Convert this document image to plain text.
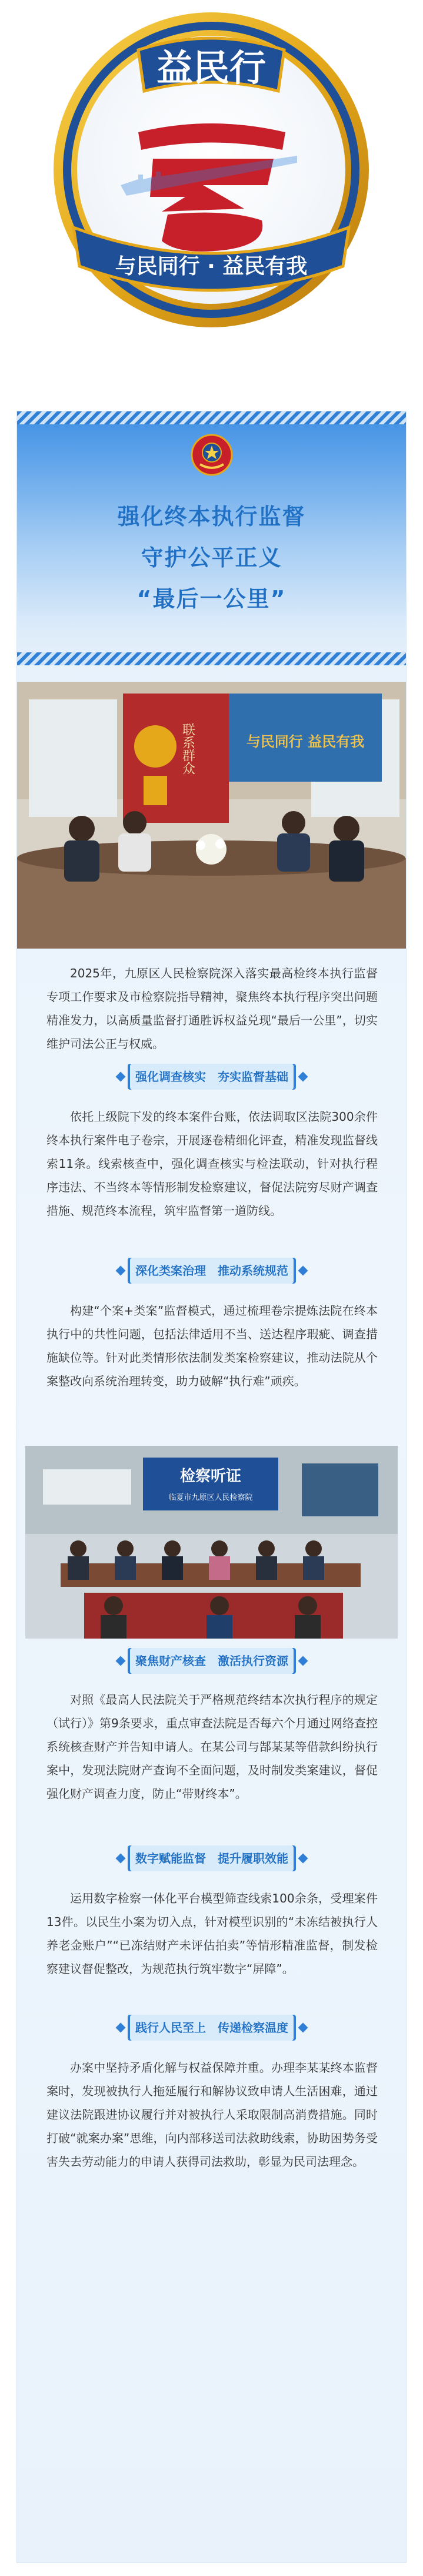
益民行
与民同行 · 益民有我
强化终本执行监督
守护公平正义
“最后一公里”
联系群众	与民同行 益民有我

2025年，九原区人民检察院深入落实最高检终本执行监督专项工作要求及市检察院指导精神，聚焦终本执行程序突出问题精准发力，以高质量监督打通胜诉权益兑现“最后一公里”，切实维护司法公正与权威。

强化调查核实　夯实监督基础

依托上级院下发的终本案件台账，依法调取区法院300余件终本执行案件电子卷宗，开展逐卷精细化评查，精准发现监督线索11条。线索核查中，强化调查核实与检法联动，针对执行程序违法、不当终本等情形制发检察建议，督促法院穷尽财产调查措施、规范终本流程，筑牢监督第一道防线。

深化类案治理　推动系统规范

构建“个案+类案”监督模式，通过梳理卷宗提炼法院在终本执行中的共性问题，包括法律适用不当、送达程序瑕疵、调查措施缺位等。针对此类情形依法制发类案检察建议，推动法院从个案整改向系统治理转变，助力破解“执行难”顽疾。

检察听证
临夏市九原区人民检察院
聚焦财产核查　激活执行资源

对照《最高人民法院关于严格规范终结本次执行程序的规定（试行）》第9条要求，重点审查法院是否每六个月通过网络查控系统核查财产并告知申请人。在某公司与郜某某等借款纠纷执行案中，发现法院财产查询不全面问题，及时制发类案建议，督促强化财产调查力度，防止“带财终本”。

数字赋能监督　提升履职效能

运用数字检察一体化平台模型筛查线索100余条，受理案件13件。以民生小案为切入点，针对模型识别的“未冻结被执行人养老金账户”“已冻结财产未评估拍卖”等情形精准监督，制发检察建议督促整改，为规范执行筑牢数字“屏障”。

践行人民至上　传递检察温度

办案中坚持矛盾化解与权益保障并重。办理李某某终本监督案时，发现被执行人拖延履行和解协议致申请人生活困难，通过建议法院跟进协议履行并对被执行人采取限制高消费措施。同时打破“就案办案”思维，向内部移送司法救助线索，协助困势务受害失去劳动能力的申请人获得司法救助，彰显为民司法理念。
